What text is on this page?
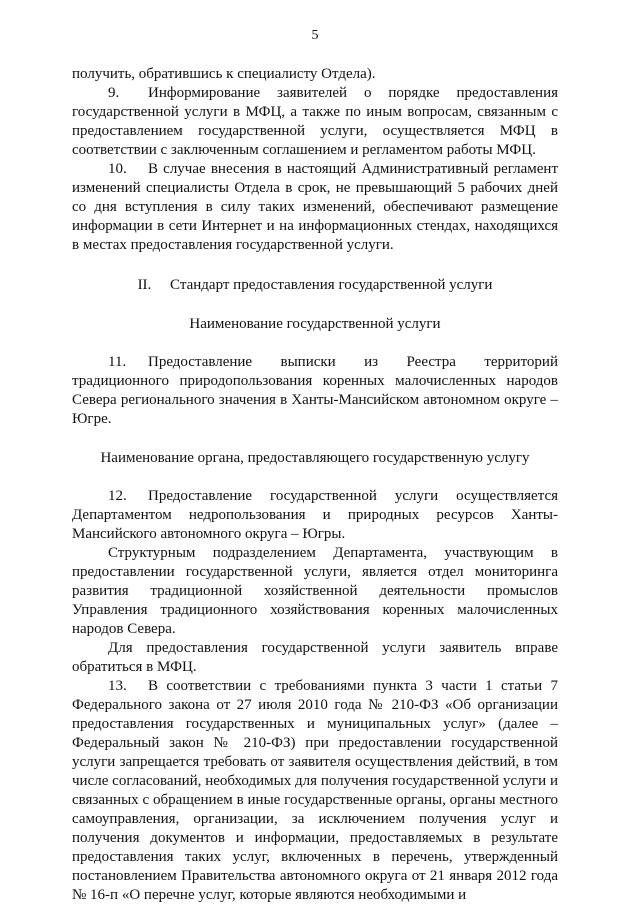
5

получить, обратившись к специалисту Отдела).

9. Информирование заявителей о порядке предоставления государственной услуги в МФЦ, а также по иным вопросам, связанным с предоставлением государственной услуги, осуществляется МФЦ в соответствии с заключенным соглашением и регламентом работы МФЦ.

10. В случае внесения в настоящий Административный регламент изменений специалисты Отдела в срок, не превышающий 5 рабочих дней со дня вступления в силу таких изменений, обеспечивают размещение информации в сети Интернет и на информационных стендах, находящихся в местах предоставления государственной услуги.

II.     Стандарт предоставления государственной услуги

Наименование государственной услуги

11. Предоставление выписки из Реестра территорий традиционного природопользования коренных малочисленных народов Севера регионального значения в Ханты-Мансийском автономном округе – Югре.

Наименование органа, предоставляющего государственную услугу

12. Предоставление государственной услуги осуществляется Департаментом недропользования и природных ресурсов Ханты-Мансийского автономного округа – Югры.

Структурным подразделением Департамента, участвующим в предоставлении государственной услуги, является отдел мониторинга развития традиционной хозяйственной деятельности промыслов Управления традиционного хозяйствования коренных малочисленных народов Севера.

Для предоставления государственной услуги заявитель вправе обратиться в МФЦ.

13. В соответствии с требованиями пункта 3 части 1 статьи 7 Федерального закона от 27 июля 2010 года № 210-ФЗ «Об организации предоставления государственных и муниципальных услуг» (далее – Федеральный закон № 210-ФЗ) при предоставлении государственной услуги запрещается требовать от заявителя осуществления действий, в том числе согласований, необходимых для получения государственной услуги и связанных с обращением в иные государственные органы, органы местного самоуправления, организации, за исключением получения услуг и получения документов и информации, предоставляемых в результате предоставления таких услуг, включенных в перечень, утвержденный постановлением Правительства автономного округа от 21 января 2012 года № 16-п «О перечне услуг, которые являются необходимыми и
